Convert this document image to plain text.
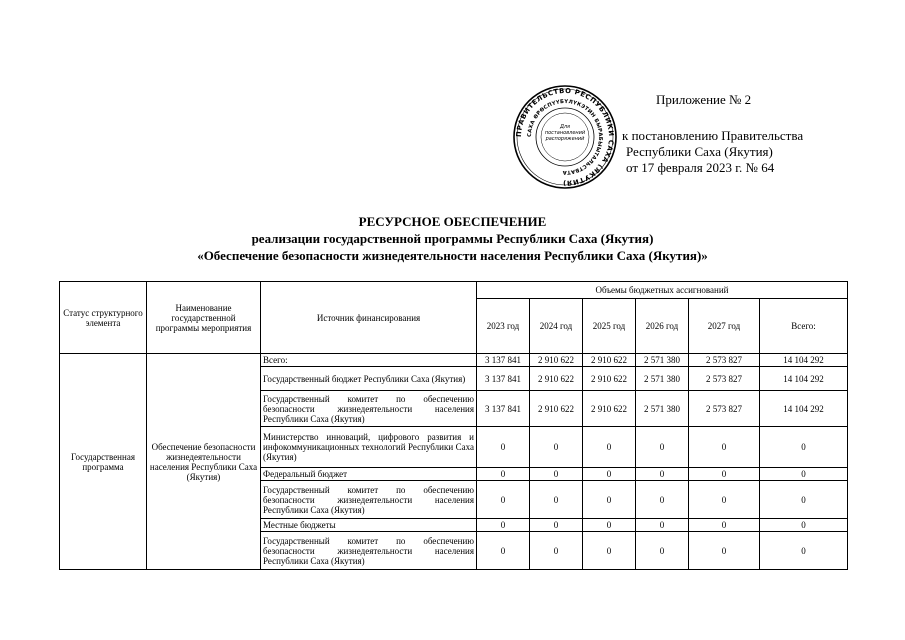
Приложение № 2
к постановлению Правительства
Республики Саха (Якутия)
от 17 февраля 2023 г. № 64
ПРАВИТЕЛЬСТВО РЕСПУБЛИКИ САХА (ЯКУТИЯ)
САХА ӨРӨСПҮҮБҮЛҮКЭТИН БЫРАБЫЫТАЛЬСТВАТА
Для постановлений распоряжений
РЕСУРСНОЕ ОБЕСПЕЧЕНИЕ
реализации государственной программы Республики Саха (Якутия)
«Обеспечение безопасности жизнедеятельности населения Республики Саха (Якутия)»
Статус структурного элемента	Наименование государственной программы мероприятия	Источник финансирования	Объемы бюджетных ассигнований					
			2023 год	2024 год	2025 год	2026 год	2027 год	Всего:
Государственная программа	Обеспечение безопасности жизнедеятельности населения Республики Саха (Якутия)	Всего:	3 137 841	2 910 622	2 910 622	2 571 380	2 573 827	14 104 292
		Государственный бюджет Республики Саха (Якутия)	3 137 841	2 910 622	2 910 622	2 571 380	2 573 827	14 104 292
		Государственный комитет по обеспечению безопасности жизнедеятельности населения Республики Саха (Якутия)	3 137 841	2 910 622	2 910 622	2 571 380	2 573 827	14 104 292
		Министерство инноваций, цифрового развития и инфокоммуникационных технологий Республики Саха (Якутия)	0	0	0	0	0	0
		Федеральный бюджет	0	0	0	0	0	0
		Государственный комитет по обеспечению безопасности жизнедеятельности населения Республики Саха (Якутия)	0	0	0	0	0	0
		Местные бюджеты	0	0	0	0	0	0
		Государственный комитет по обеспечению безопасности жизнедеятельности населения Республики Саха (Якутия)	0	0	0	0	0	0
